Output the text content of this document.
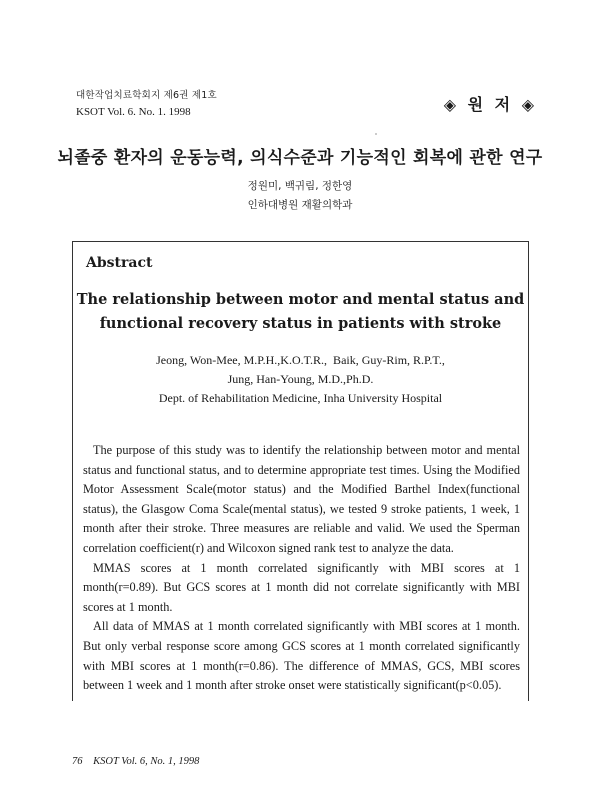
대한작업치료학회지 제6권 제1호
KSOT Vol. 6. No. 1. 1998	◈ 원 저 ◈
뇌졸중 환자의 운동능력, 의식수준과 기능적인 회복에 관한 연구
정원미, 백귀림, 정한영
인하대병원 재활의학과
Abstract
The relationship between motor and mental status and
functional recovery status in patients with stroke
Jeong, Won-Mee, M.P.H.,K.O.T.R.,  Baik, Guy-Rim, R.P.T.,
Jung, Han-Young, M.D.,Ph.D.
Dept. of Rehabilitation Medicine, Inha University Hospital

The purpose of this study was to identify the relationship between motor and mental status and functional status, and to determine appropriate test times. Using the Modified Motor Assessment Scale(motor status) and the Modified Barthel Index(functional status), the Glasgow Coma Scale(mental status), we tested 9 stroke patients, 1 week, 1 month after their stroke. Three measures are reliable and valid. We used the Sperman correlation coefficient(r) and Wilcoxon signed rank test to analyze the data.

MMAS scores at 1 month correlated significantly with MBI scores at 1 month(r=0.89). But GCS scores at 1 month did not correlate significantly with MBI scores at 1 month.

All data of MMAS at 1 month correlated significantly with MBI scores at 1 month. But only verbal response score among GCS scores at 1 month correlated significantly with MBI scores at 1 month(r=0.86). The difference of MMAS, GCS, MBI scores between 1 week and 1 month after stroke onset were statistically significant(p<0.05).

76 KSOT Vol. 6, No. 1, 1998
